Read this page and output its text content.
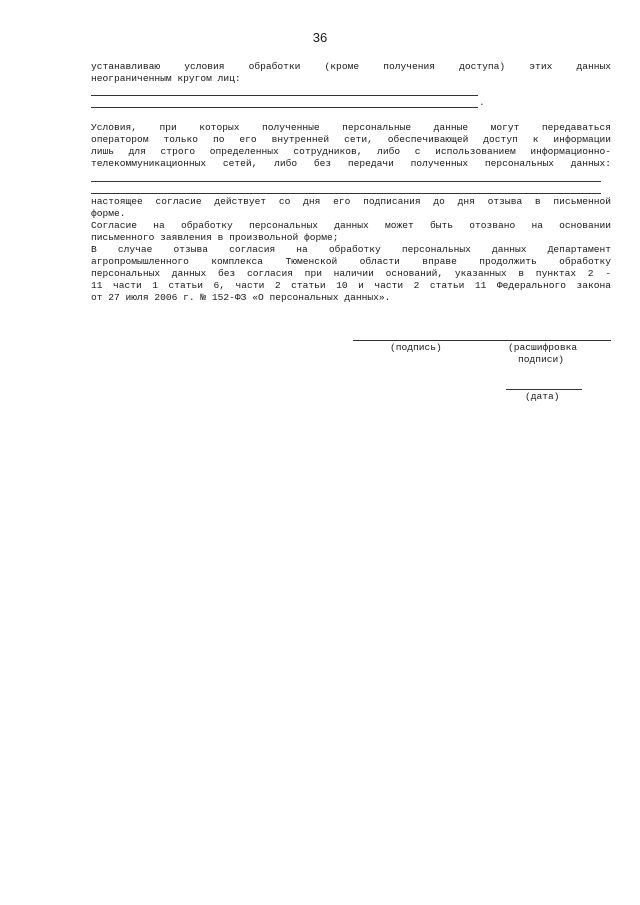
36
устанавливаю условия обработки (кроме получения доступа) этих данных
неограниченным кругом лиц:
.
Условия, при которых полученные персональные данные могут передаваться
оператором только по его внутренней сети, обеспечивающей доступ к информации
лишь для строго определенных сотрудников, либо с использованием информационно-
телекоммуникационных сетей, либо без передачи полученных персональных данных:
настоящее согласие действует со дня его подписания до дня отзыва в письменной
форме.
Согласие на обработку персональных данных может быть отозвано на основании
письменного заявления в произвольной форме;
В случае отзыва согласия на обработку персональных данных Департамент
агропромышленного комплекса Тюменской области вправе продолжить обработку
персональных данных без согласия при наличии оснований, указанных в пунктах 2 -
11 части 1 статьи 6, части 2 статьи 10 и части 2 статьи 11 Федерального закона
от 27 июля 2006 г. № 152-ФЗ «О персональных данных».
(подпись)	(расшифровка
подписи)
(дата)
